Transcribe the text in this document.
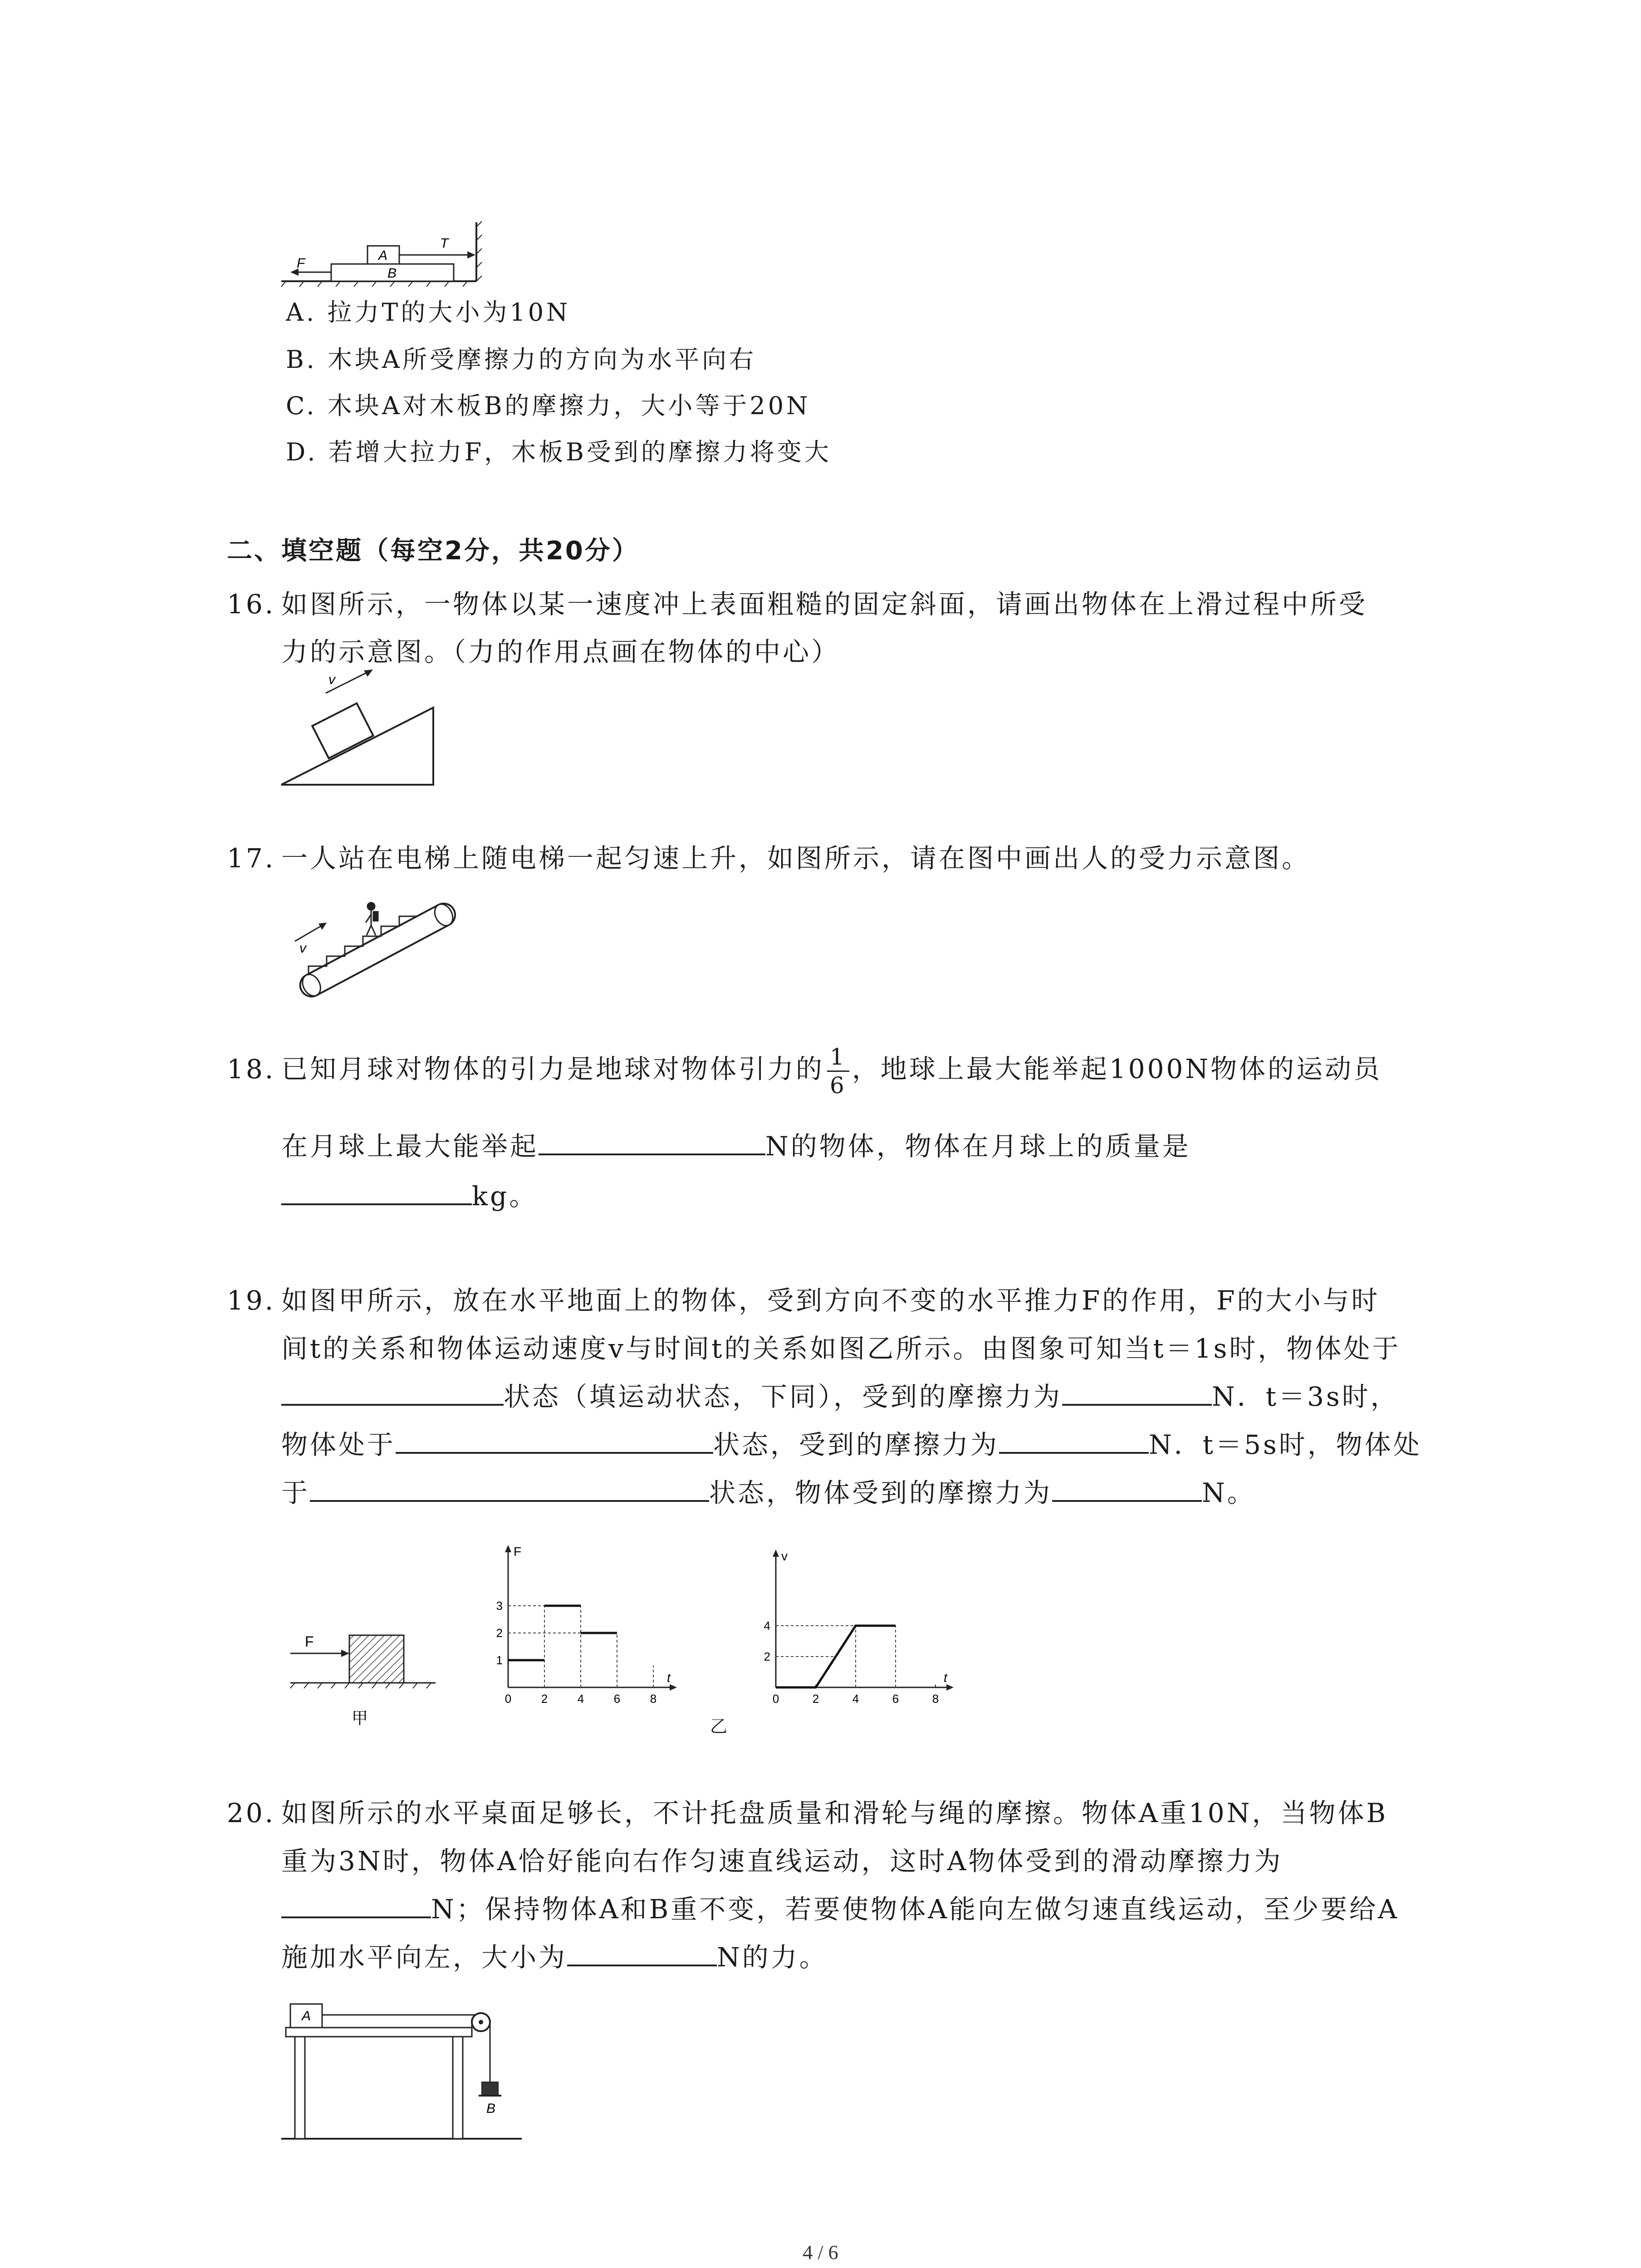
A
B
F
T
A. 拉力T的大小为10N
B. 木块A所受摩擦力的方向为水平向右
C. 木块A对木板B的摩擦力，大小等于20N
D. 若增大拉力F，木板B受到的摩擦力将变大
二、填空题（每空2分，共20分）
16. 如图所示，一物体以某一速度冲上表面粗糙的固定斜面，请画出物体在上滑过程中所受
力的示意图。（力的作用点画在物体的中心）
v
17. 一人站在电梯上随电梯一起匀速上升，如图所示，请在图中画出人的受力示意图。
v
18. 已知月球对物体的引力是地球对物体引力的 $\frac{1}{6}$ ，地球上最大能举起1000N物体的运动员
在月球上最大能举起	N的物体，物体在月球上的质量是
kg。
19. 如图甲所示，放在水平地面上的物体，受到方向不变的水平推力F的作用，F的大小与时
间t的关系和物体运动速度v与时间t的关系如图乙所示。由图象可知当t＝1s时，物体处于
状态（填运动状态，下同），受到的摩擦力为	N．t＝3s时，
物体处于	状态，受到的摩擦力为	N．t＝5s时，物体处
于	状态，物体受到的摩擦力为	N。
F
甲
F
t
0	2	4	6	8
1
2
3
v
t
0	2	4	6	8
2
4
乙
20. 如图所示的水平桌面足够长，不计托盘质量和滑轮与绳的摩擦。物体A重10N，当物体B
重为3N时，物体A恰好能向右作匀速直线运动，这时A物体受到的滑动摩擦力为
N；保持物体A和B重不变，若要使物体A能向左做匀速直线运动，至少要给A
施加水平向左，大小为	N的力。
A
B
4 / 6
